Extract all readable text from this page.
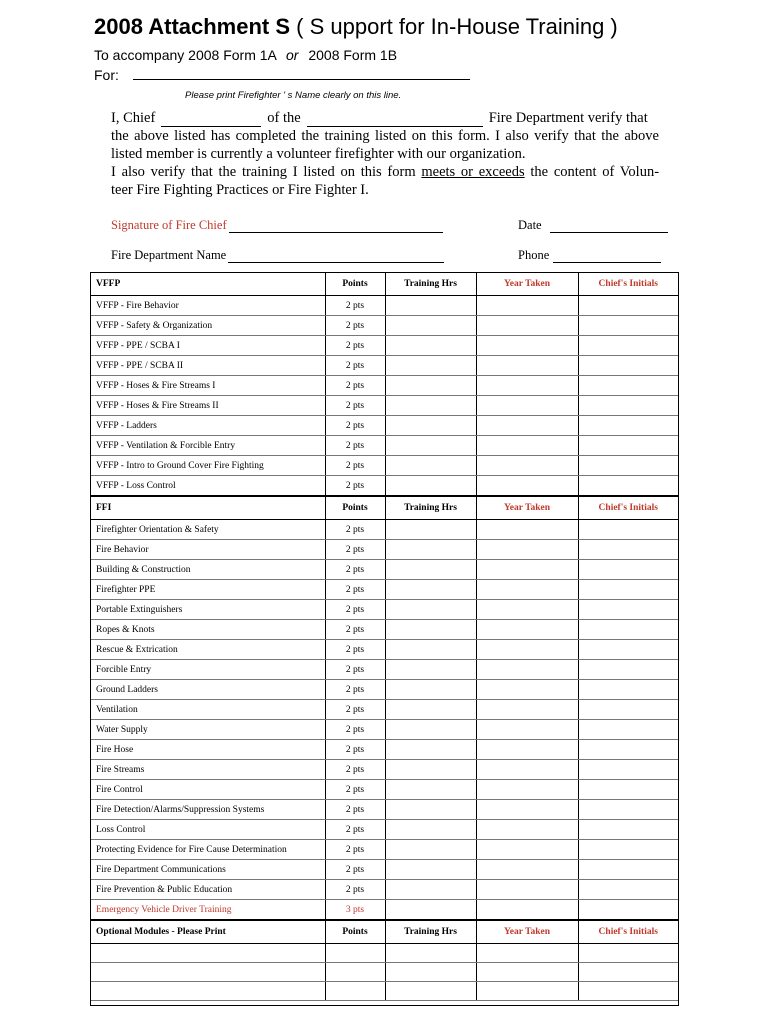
2008 Attachment S ( S upport for In-House Training )
To accompany 2008 Form 1A or 2008 Form 1B
For:
Please print Firefighter ' s Name clearly on this line.
I, Chief	of the	Fire Department verify that
the above listed has completed the training listed on this form. I also verify that the above
listed member is currently a volunteer firefighter with our organization.
I also verify that the training I listed on this form meets or exceeds the content of Volun-
teer Fire Fighting Practices or Fire Fighter I.
Signature of Fire Chief	Date
Fire Department Name	Phone
VFFP	Points	Training Hrs	Year Taken	Chief's Initials
VFFP - Fire Behavior	2 pts			
VFFP - Safety & Organization	2 pts			
VFFP - PPE / SCBA I	2 pts			
VFFP - PPE / SCBA II	2 pts			
VFFP - Hoses & Fire Streams I	2 pts			
VFFP - Hoses & Fire Streams II	2 pts			
VFFP - Ladders	2 pts			
VFFP - Ventilation & Forcible Entry	2 pts			
VFFP - Intro to Ground Cover Fire Fighting	2 pts			
VFFP - Loss Control	2 pts			
FFI	Points	Training Hrs	Year Taken	Chief's Initials
Firefighter Orientation & Safety	2 pts			
Fire Behavior	2 pts			
Building & Construction	2 pts			
Firefighter PPE	2 pts			
Portable Extinguishers	2 pts			
Ropes & Knots	2 pts			
Rescue & Extrication	2 pts			
Forcible Entry	2 pts			
Ground Ladders	2 pts			
Ventilation	2 pts			
Water Supply	2 pts			
Fire Hose	2 pts			
Fire Streams	2 pts			
Fire Control	2 pts			
Fire Detection/Alarms/Suppression Systems	2 pts			
Loss Control	2 pts			
Protecting Evidence for Fire Cause Determination	2 pts			
Fire Department Communications	2 pts			
Fire Prevention & Public Education	2 pts			
Emergency Vehicle Driver Training	3 pts			
Optional Modules - Please Print	Points	Training Hrs	Year Taken	Chief's Initials
